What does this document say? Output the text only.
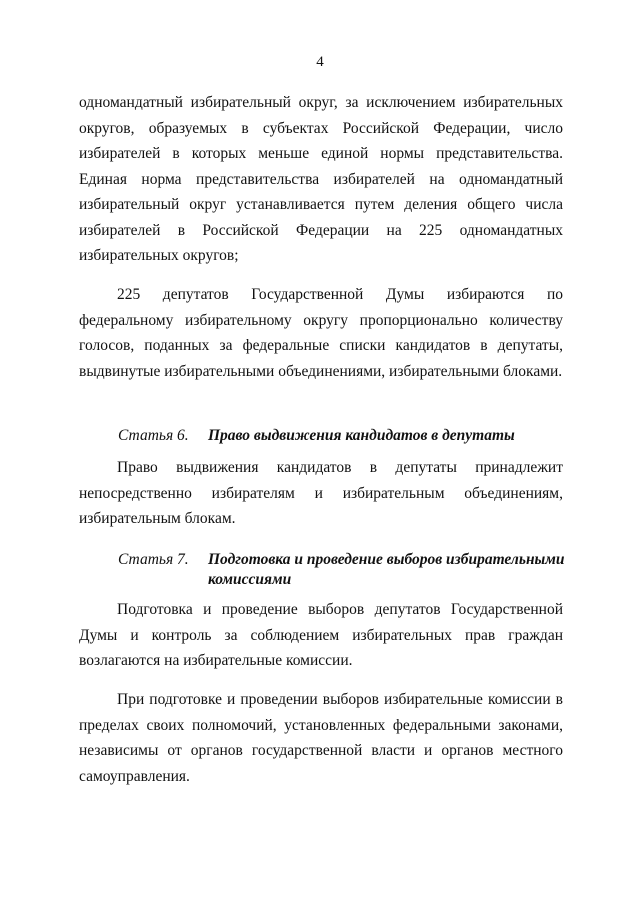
4

одномандатный избирательный округ, за исключением избирательных округов, образуемых в субъектах Российской Федерации, число избирателей в которых меньше единой нормы представительства. Единая норма представительства избирателей на одномандатный избирательный округ устанавливается путем деления общего числа избирателей в Российской Федерации на 225 одномандатных избирательных округов;

225 депутатов Государственной Думы избираются по федеральному избирательному округу пропорционально количеству голосов, поданных за федеральные списки кандидатов в депутаты, выдвинутые избирательными объединениями, избирательными блоками.

Статья 6. Право выдвижения кандидатов в депутаты

Право выдвижения кандидатов в депутаты принадлежит непосредственно избирателям и избирательным объединениям, избирательным блокам.

Статья 7. Подготовка и проведение выборов избирательными комиссиями

Подготовка и проведение выборов депутатов Государственной Думы и контроль за соблюдением избирательных прав граждан возлагаются на избирательные комиссии.

При подготовке и проведении выборов избирательные комиссии в пределах своих полномочий, установленных федеральными законами, независимы от органов государственной власти и органов местного самоуправления.
